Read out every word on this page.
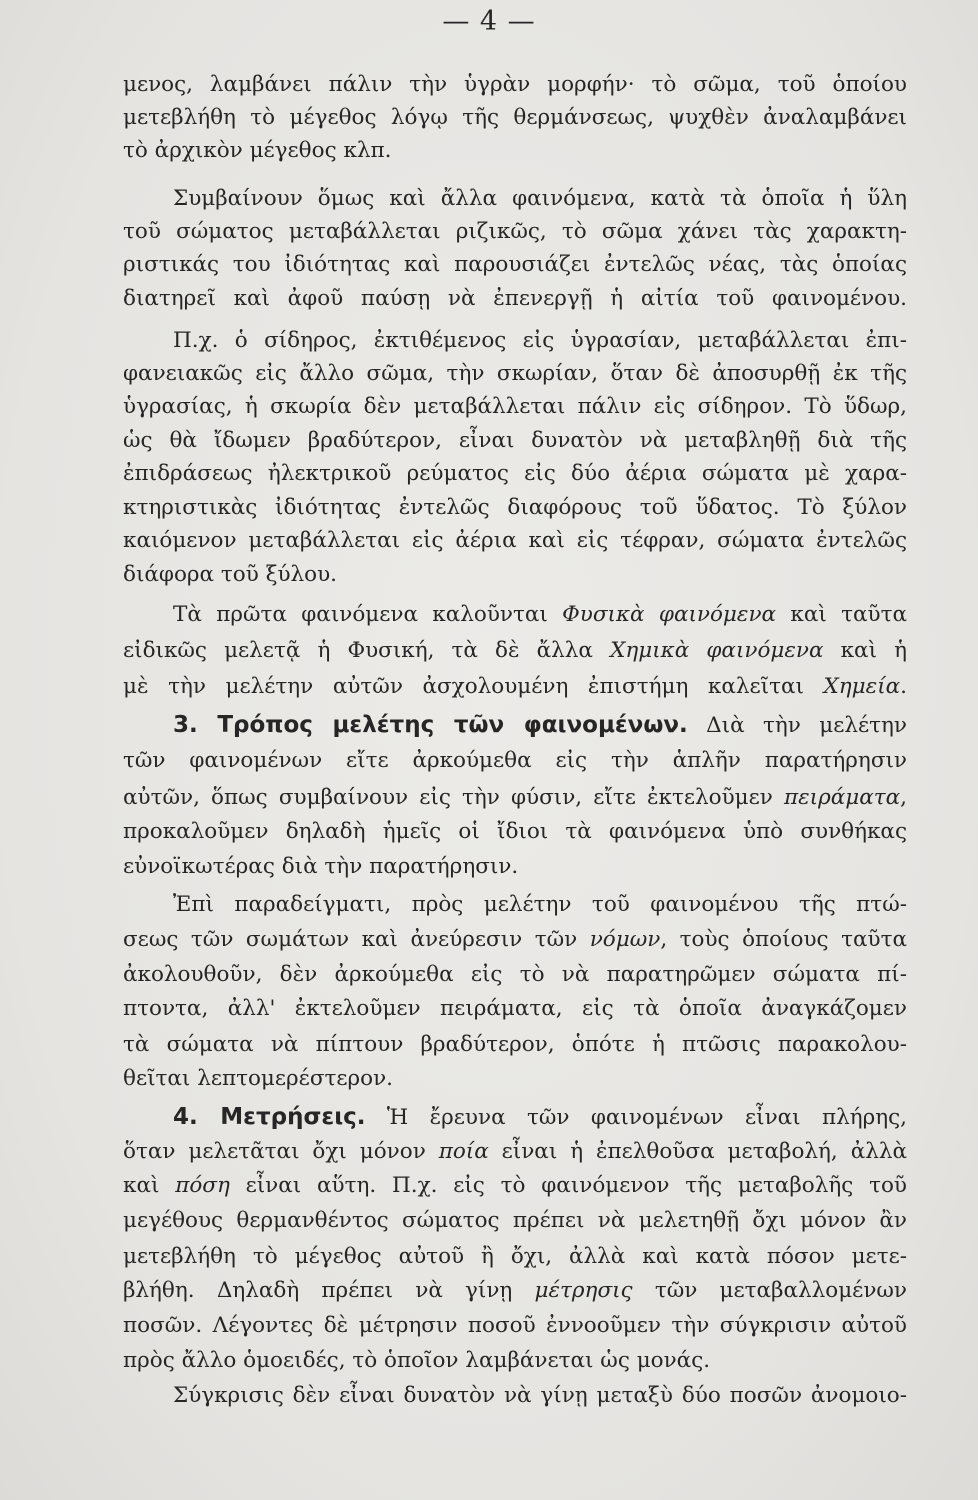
— 4 —
μενος, λαμβάνει πάλιν τὴν ὑγρὰν μορφήν· τὸ σῶμα, τοῦ ὁποίου
μετεβλήθη τὸ μέγεθος λόγῳ τῆς θερμάνσεως, ψυχθὲν ἀναλαμβάνει
τὸ ἀρχικὸν μέγεθος κλπ.
Συμβαίνουν ὅμως καὶ ἄλλα φαινόμενα, κατὰ τὰ ὁποῖα ἡ ὕλη
τοῦ σώματος μεταβάλλεται ριζικῶς, τὸ σῶμα χάνει τὰς χαρακτη-
ριστικάς του ἰδιότητας καὶ παρουσιάζει ἐντελῶς νέας, τὰς ὁποίας
διατηρεῖ καὶ ἀφοῦ παύσῃ νὰ ἐπενεργῇ ἡ αἰτία τοῦ φαινομένου.
Π.χ. ὁ σίδηρος, ἐκτιθέμενος εἰς ὑγρασίαν, μεταβάλλεται ἐπι-
φανειακῶς εἰς ἄλλο σῶμα, τὴν σκωρίαν, ὅταν δὲ ἀποσυρθῇ ἐκ τῆς
ὑγρασίας, ἡ σκωρία δὲν μεταβάλλεται πάλιν εἰς σίδηρον. Τὸ ὕδωρ,
ὡς θὰ ἴδωμεν βραδύτερον, εἶναι δυνατὸν νὰ μεταβληθῇ διὰ τῆς
ἐπιδράσεως ἠλεκτρικοῦ ρεύματος εἰς δύο ἀέρια σώματα μὲ χαρα-
κτηριστικὰς ἰδιότητας ἐντελῶς διαφόρους τοῦ ὕδατος. Τὸ ξύλον
καιόμενον μεταβάλλεται εἰς ἀέρια καὶ εἰς τέφραν, σώματα ἐντελῶς
διάφορα τοῦ ξύλου.
Τὰ πρῶτα φαινόμενα καλοῦνται Φυσικὰ φαινόμενα καὶ ταῦτα
εἰδικῶς μελετᾷ ἡ Φυσική, τὰ δὲ ἄλλα Χημικὰ φαινόμενα καὶ ἡ
μὲ τὴν μελέτην αὐτῶν ἀσχολουμένη ἐπιστήμη καλεῖται Χημεία.
3. Τρόπος μελέτης τῶν φαινομένων. Διὰ τὴν μελέτην
τῶν φαινομένων εἴτε ἀρκούμεθα εἰς τὴν ἁπλῆν παρατήρησιν
αὐτῶν, ὅπως συμβαίνουν εἰς τὴν φύσιν, εἴτε ἐκτελοῦμεν πειράματα,
προκαλοῦμεν δηλαδὴ ἡμεῖς οἱ ἴδιοι τὰ φαινόμενα ὑπὸ συνθήκας
εὐνοϊκωτέρας διὰ τὴν παρατήρησιν.
Ἐπὶ παραδείγματι, πρὸς μελέτην τοῦ φαινομένου τῆς πτώ-
σεως τῶν σωμάτων καὶ ἀνεύρεσιν τῶν νόμων, τοὺς ὁποίους ταῦτα
ἀκολουθοῦν, δὲν ἀρκούμεθα εἰς τὸ νὰ παρατηρῶμεν σώματα πί-
πτοντα, ἀλλ' ἐκτελοῦμεν πειράματα, εἰς τὰ ὁποῖα ἀναγκάζομεν
τὰ σώματα νὰ πίπτουν βραδύτερον, ὁπότε ἡ πτῶσις παρακολου-
θεῖται λεπτομερέστερον.
4. Μετρήσεις. Ἡ ἔρευνα τῶν φαινομένων εἶναι πλήρης,
ὅταν μελετᾶται ὄχι μόνον ποία εἶναι ἡ ἐπελθοῦσα μεταβολή, ἀλλὰ
καὶ πόση εἶναι αὕτη. Π.χ. εἰς τὸ φαινόμενον τῆς μεταβολῆς τοῦ
μεγέθους θερμανθέντος σώματος πρέπει νὰ μελετηθῇ ὄχι μόνον ἂν
μετεβλήθη τὸ μέγεθος αὐτοῦ ἢ ὄχι, ἀλλὰ καὶ κατὰ πόσον μετε-
βλήθη. Δηλαδὴ πρέπει νὰ γίνῃ μέτρησις τῶν μεταβαλλομένων
ποσῶν. Λέγοντες δὲ μέτρησιν ποσοῦ ἐννοοῦμεν τὴν σύγκρισιν αὐτοῦ
πρὸς ἄλλο ὁμοειδές, τὸ ὁποῖον λαμβάνεται ὡς μονάς.
Σύγκρισις δὲν εἶναι δυνατὸν νὰ γίνῃ μεταξὺ δύο ποσῶν ἀνομοιο-
